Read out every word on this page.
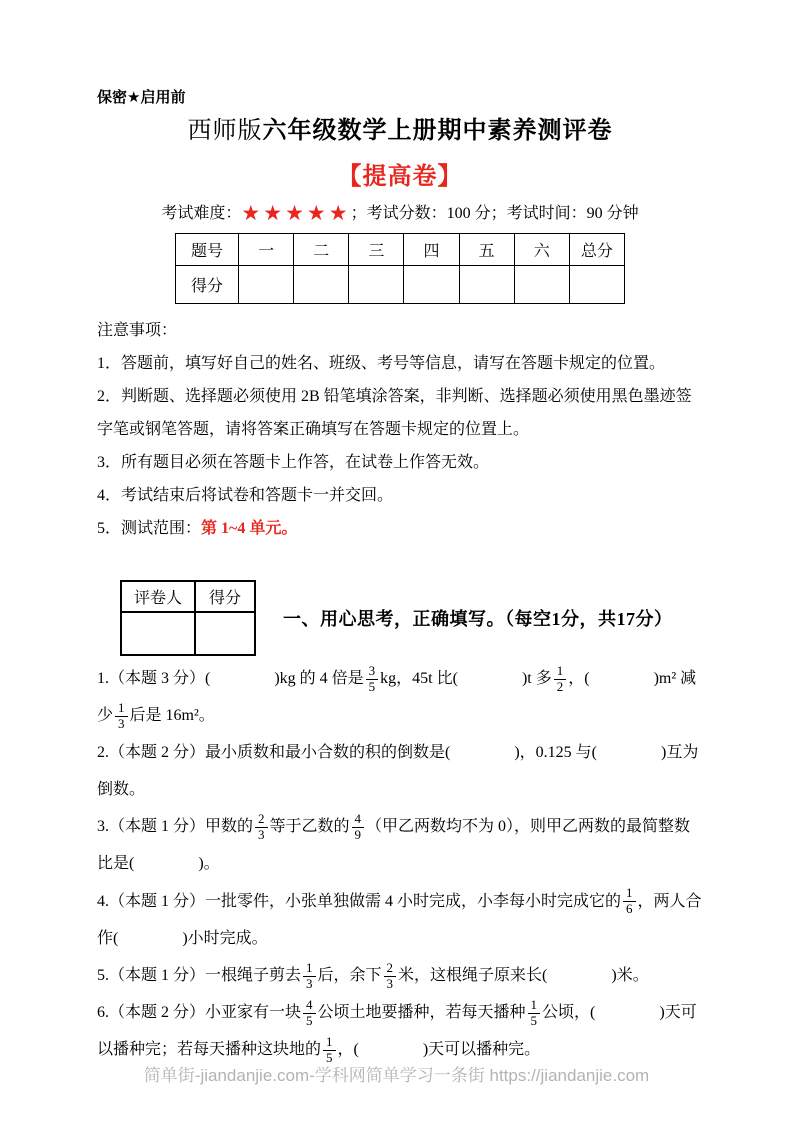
保密★启用前
西师版六年级数学上册期中素养测评卷
【提高卷】
考试难度：★★★★★；考试分数：100 分；考试时间：90 分钟
题号	一	二	三	四	五	六	总分
得分							

注意事项：

1．答题前，填写好自己的姓名、班级、考号等信息，请写在答题卡规定的位置。

2．判断题、选择题必须使用 2B 铅笔填涂答案，非判断、选择题必须使用黑色墨迹签字笔或钢笔答题，请将答案正确填写在答题卡规定的位置上。

3．所有题目必须在答题卡上作答，在试卷上作答无效。

4．考试结束后将试卷和答题卡一并交回。

5．测试范围：第 1~4 单元。

评卷人	得分

一、用心思考，正确填写。（每空1分，共17分）

1.（本题 3 分）(　　　　)kg 的 4 倍是 $\frac{3}{5}$ kg，45t 比(　　　　)t 多 $\frac{1}{2}$ ，(　　　　)m² 减少 $\frac{1}{3}$ 后是 16m²。

2.（本题 2 分）最小质数和最小合数的积的倒数是(　　　　)，0.125 与(　　　　)互为倒数。

3.（本题 1 分）甲数的 $\frac{2}{3}$ 等于乙数的 $\frac{4}{9}$ （甲乙两数均不为 0），则甲乙两数的最简整数比是(　　　　)。

4.（本题 1 分）一批零件，小张单独做需 4 小时完成，小李每小时完成它的 $\frac{1}{6}$ ，两人合作(　　　　)小时完成。

5.（本题 1 分）一根绳子剪去 $\frac{1}{3}$ 后，余下 $\frac{2}{3}$ 米，这根绳子原来长(　　　　)米。

6.（本题 2 分）小亚家有一块 $\frac{4}{5}$ 公顷土地要播种，若每天播种 $\frac{1}{5}$ 公顷，(　　　　)天可以播种完；若每天播种这块地的 $\frac{1}{5}$ ，(　　　　)天可以播种完。

简单街-jiandanjie.com-学科网简单学习一条街 https://jiandanjie.com
